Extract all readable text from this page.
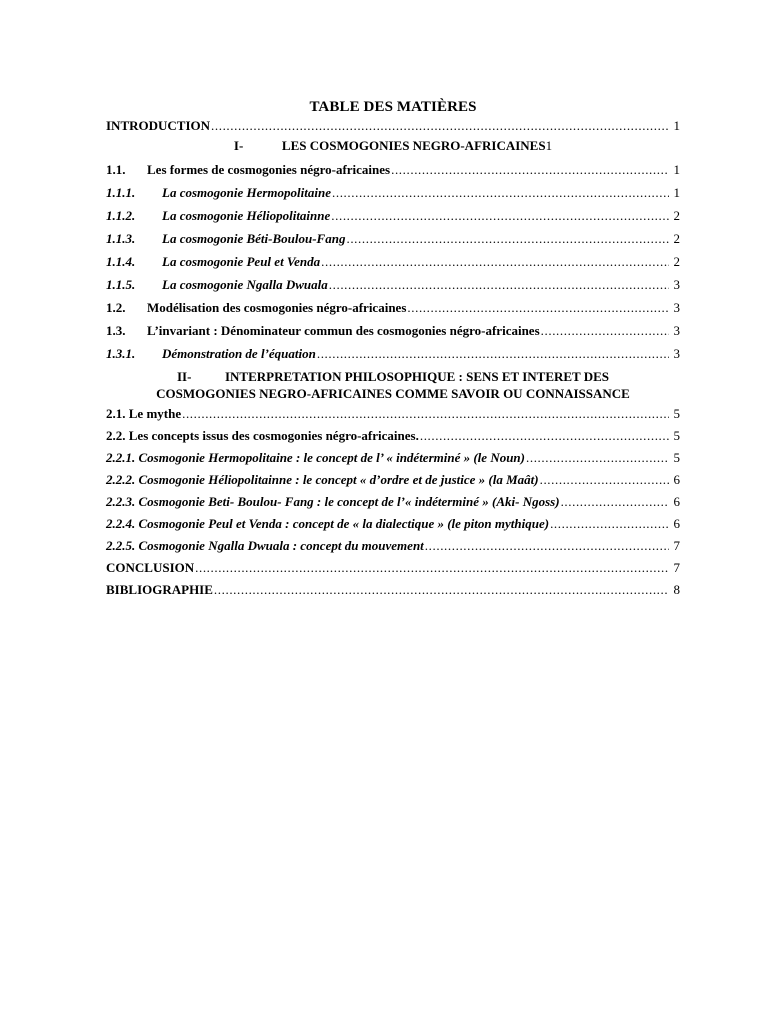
TABLE DES MATIÈRES
INTRODUCTION .....	1
I-	LES COSMOGONIES NEGRO-AFRICAINES1
1.1.	Les formes de cosmogonies négro-africaines .....	1
1.1.1.	La cosmogonie Hermopolitaine .....	1
1.1.2.	La cosmogonie Héliopolitainne .....	2
1.1.3.	La cosmogonie Béti-Boulou-Fang .....	2
1.1.4.	La cosmogonie Peul et Venda .....	2
1.1.5.	La cosmogonie Ngalla Dwuala .....	3
1.2.	Modélisation des cosmogonies négro-africaines .....	3
1.3.	L’invariant : Dénominateur commun des cosmogonies négro-africaines .....	3
1.3.1.	Démonstration de l’équation .....	3
II-	INTERPRETATION PHILOSOPHIQUE : SENS ET INTERET DES
COSMOGONIES NEGRO-AFRICAINES COMME SAVOIR OU CONNAISSANCE
2.1. Le mythe .....	5
2.2. Les concepts issus des cosmogonies négro-africaines. .....	5
2.2.1. Cosmogonie Hermopolitaine : le concept de l’ « indéterminé » (le Noun) .....	5
2.2.2. Cosmogonie Héliopolitainne : le concept « d’ordre et de justice » (la Maât) .....	6
2.2.3. Cosmogonie Beti- Boulou- Fang : le concept de l’« indéterminé » (Aki- Ngoss) .....	6
2.2.4. Cosmogonie Peul et Venda : concept de « la dialectique » (le piton mythique) .....	6
2.2.5. Cosmogonie Ngalla Dwuala : concept du mouvement .....	7
CONCLUSION .....	7
BIBLIOGRAPHIE .....	8
